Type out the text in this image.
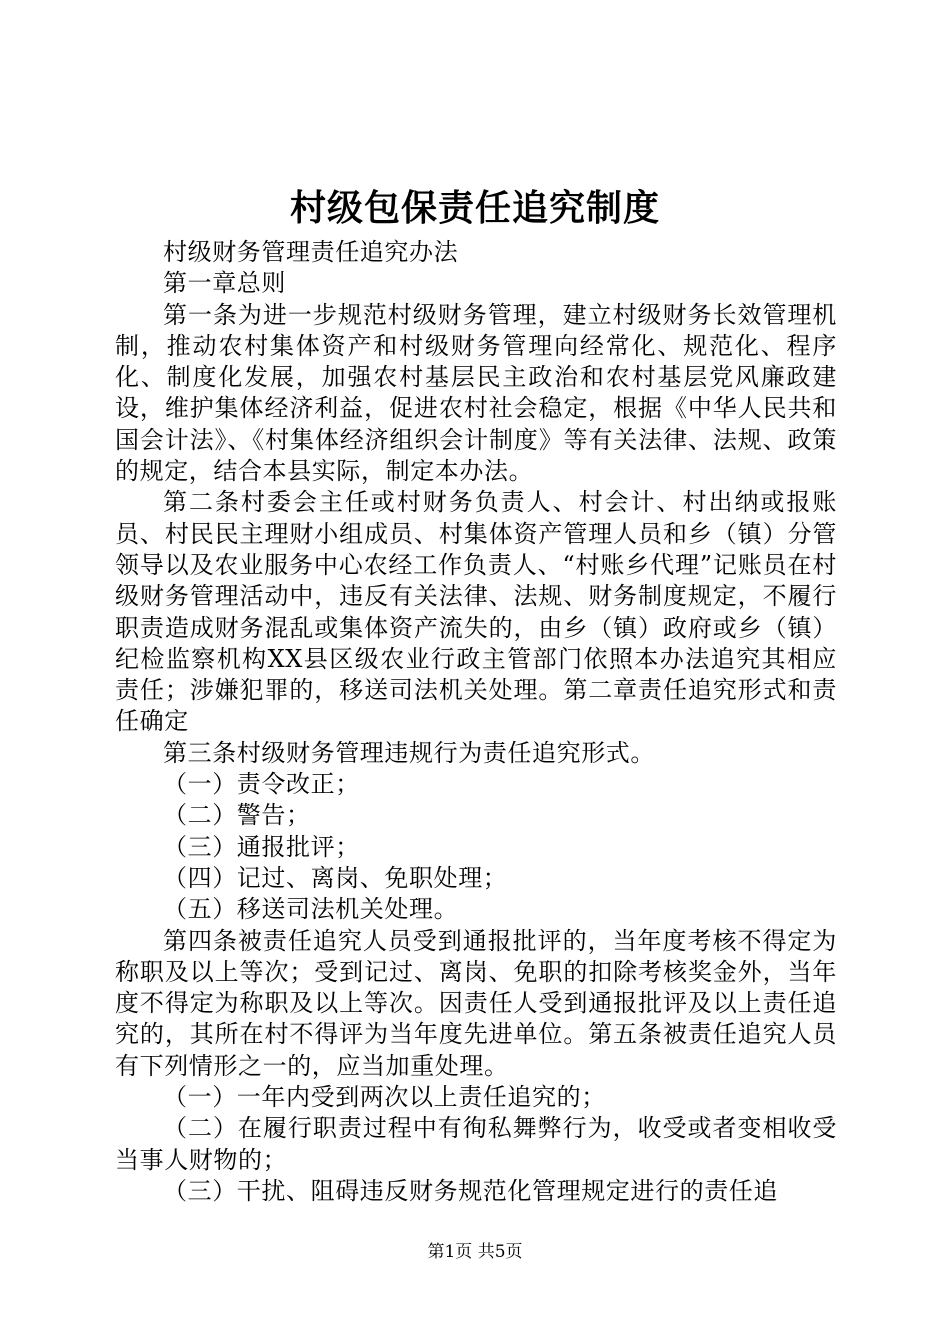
村级包保责任追究制度

村级财务管理责任追究办法

第一章总则

第一条为进一步规范村级财务管理，建立村级财务长效管理机制，推动农村集体资产和村级财务管理向经常化、规范化、程序化、制度化发展，加强农村基层民主政治和农村基层党风廉政建设，维护集体经济利益，促进农村社会稳定，根据《中华人民共和国会计法》、《村集体经济组织会计制度》等有关法律、法规、政策的规定，结合本县实际，制定本办法。

第二条村委会主任或村财务负责人、村会计、村出纳或报账员、村民民主理财小组成员、村集体资产管理人员和乡（镇）分管领导以及农业服务中心农经工作负责人、“村账乡代理”记账员在村级财务管理活动中，违反有关法律、法规、财务制度规定，不履行职责造成财务混乱或集体资产流失的，由乡（镇）政府或乡（镇）纪检监察机构XX县区级农业行政主管部门依照本办法追究其相应责任；涉嫌犯罪的，移送司法机关处理。第二章责任追究形式和责任确定

第三条村级财务管理违规行为责任追究形式。

（一）责令改正；

（二）警告；

（三）通报批评；

（四）记过、离岗、免职处理；

（五）移送司法机关处理。

第四条被责任追究人员受到通报批评的，当年度考核不得定为称职及以上等次；受到记过、离岗、免职的扣除考核奖金外，当年度不得定为称职及以上等次。因责任人受到通报批评及以上责任追究的，其所在村不得评为当年度先进单位。第五条被责任追究人员有下列情形之一的，应当加重处理。

（一）一年内受到两次以上责任追究的；

（二）在履行职责过程中有徇私舞弊行为，收受或者变相收受当事人财物的；

（三）干扰、阻碍违反财务规范化管理规定进行的责任追

第1页 共5页
